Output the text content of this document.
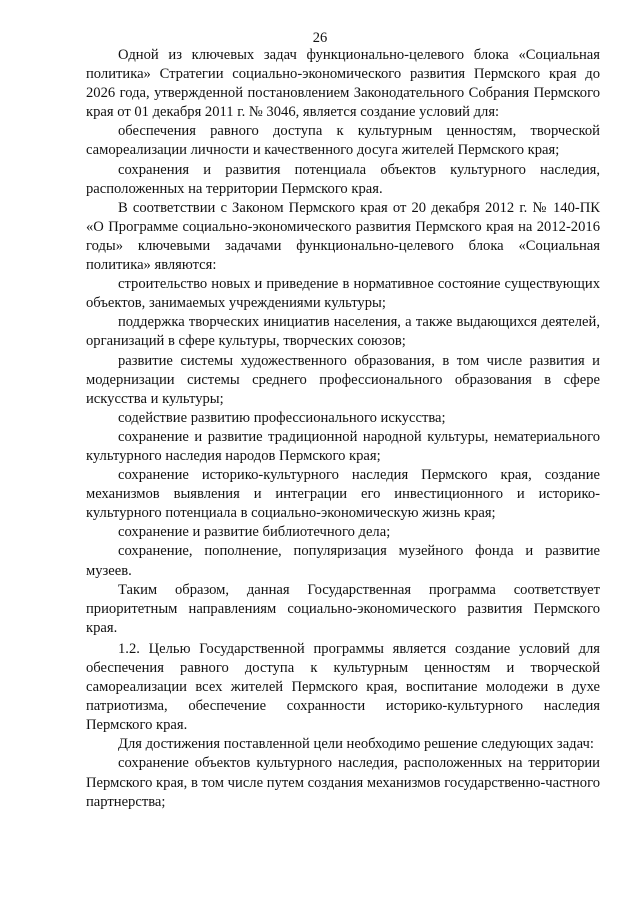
26

Одной из ключевых задач функционально-целевого блока «Социальная политика» Стратегии социально-экономического развития Пермского края до 2026 года, утвержденной постановлением Законодательного Собрания Пермского края от 01 декабря 2011 г. № 3046, является создание условий для:

обеспечения равного доступа к культурным ценностям, творческой самореализации личности и качественного досуга жителей Пермского края;

сохранения и развития потенциала объектов культурного наследия, расположенных на территории Пермского края.

В соответствии с Законом Пермского края от 20 декабря 2012 г. № 140-ПК «О Программе социально-экономического развития Пермского края на 2012-2016 годы» ключевыми задачами функционально-целевого блока «Социальная политика» являются:

строительство новых и приведение в нормативное состояние существующих объектов, занимаемых учреждениями культуры;

поддержка творческих инициатив населения, а также выдающихся деятелей, организаций в сфере культуры, творческих союзов;

развитие системы художественного образования, в том числе развития и модернизации системы среднего профессионального образования в сфере искусства и культуры;

содействие развитию профессионального искусства;

сохранение и развитие традиционной народной культуры, нематериального культурного наследия народов Пермского края;

сохранение историко-культурного наследия Пермского края, создание механизмов выявления и интеграции его инвестиционного и историко-культурного потенциала в социально-экономическую жизнь края;

сохранение и развитие библиотечного дела;

сохранение, пополнение, популяризация музейного фонда и развитие музеев.

Таким образом, данная Государственная программа соответствует приоритетным направлениям социально-экономического развития Пермского края.

1.2. Целью Государственной программы является создание условий для обеспечения равного доступа к культурным ценностям и творческой самореализации всех жителей Пермского края, воспитание молодежи в духе патриотизма, обеспечение сохранности историко-культурного наследия Пермского края.

Для достижения поставленной цели необходимо решение следующих задач:

сохранение объектов культурного наследия, расположенных на территории Пермского края, в том числе путем создания механизмов государственно-частного партнерства;
